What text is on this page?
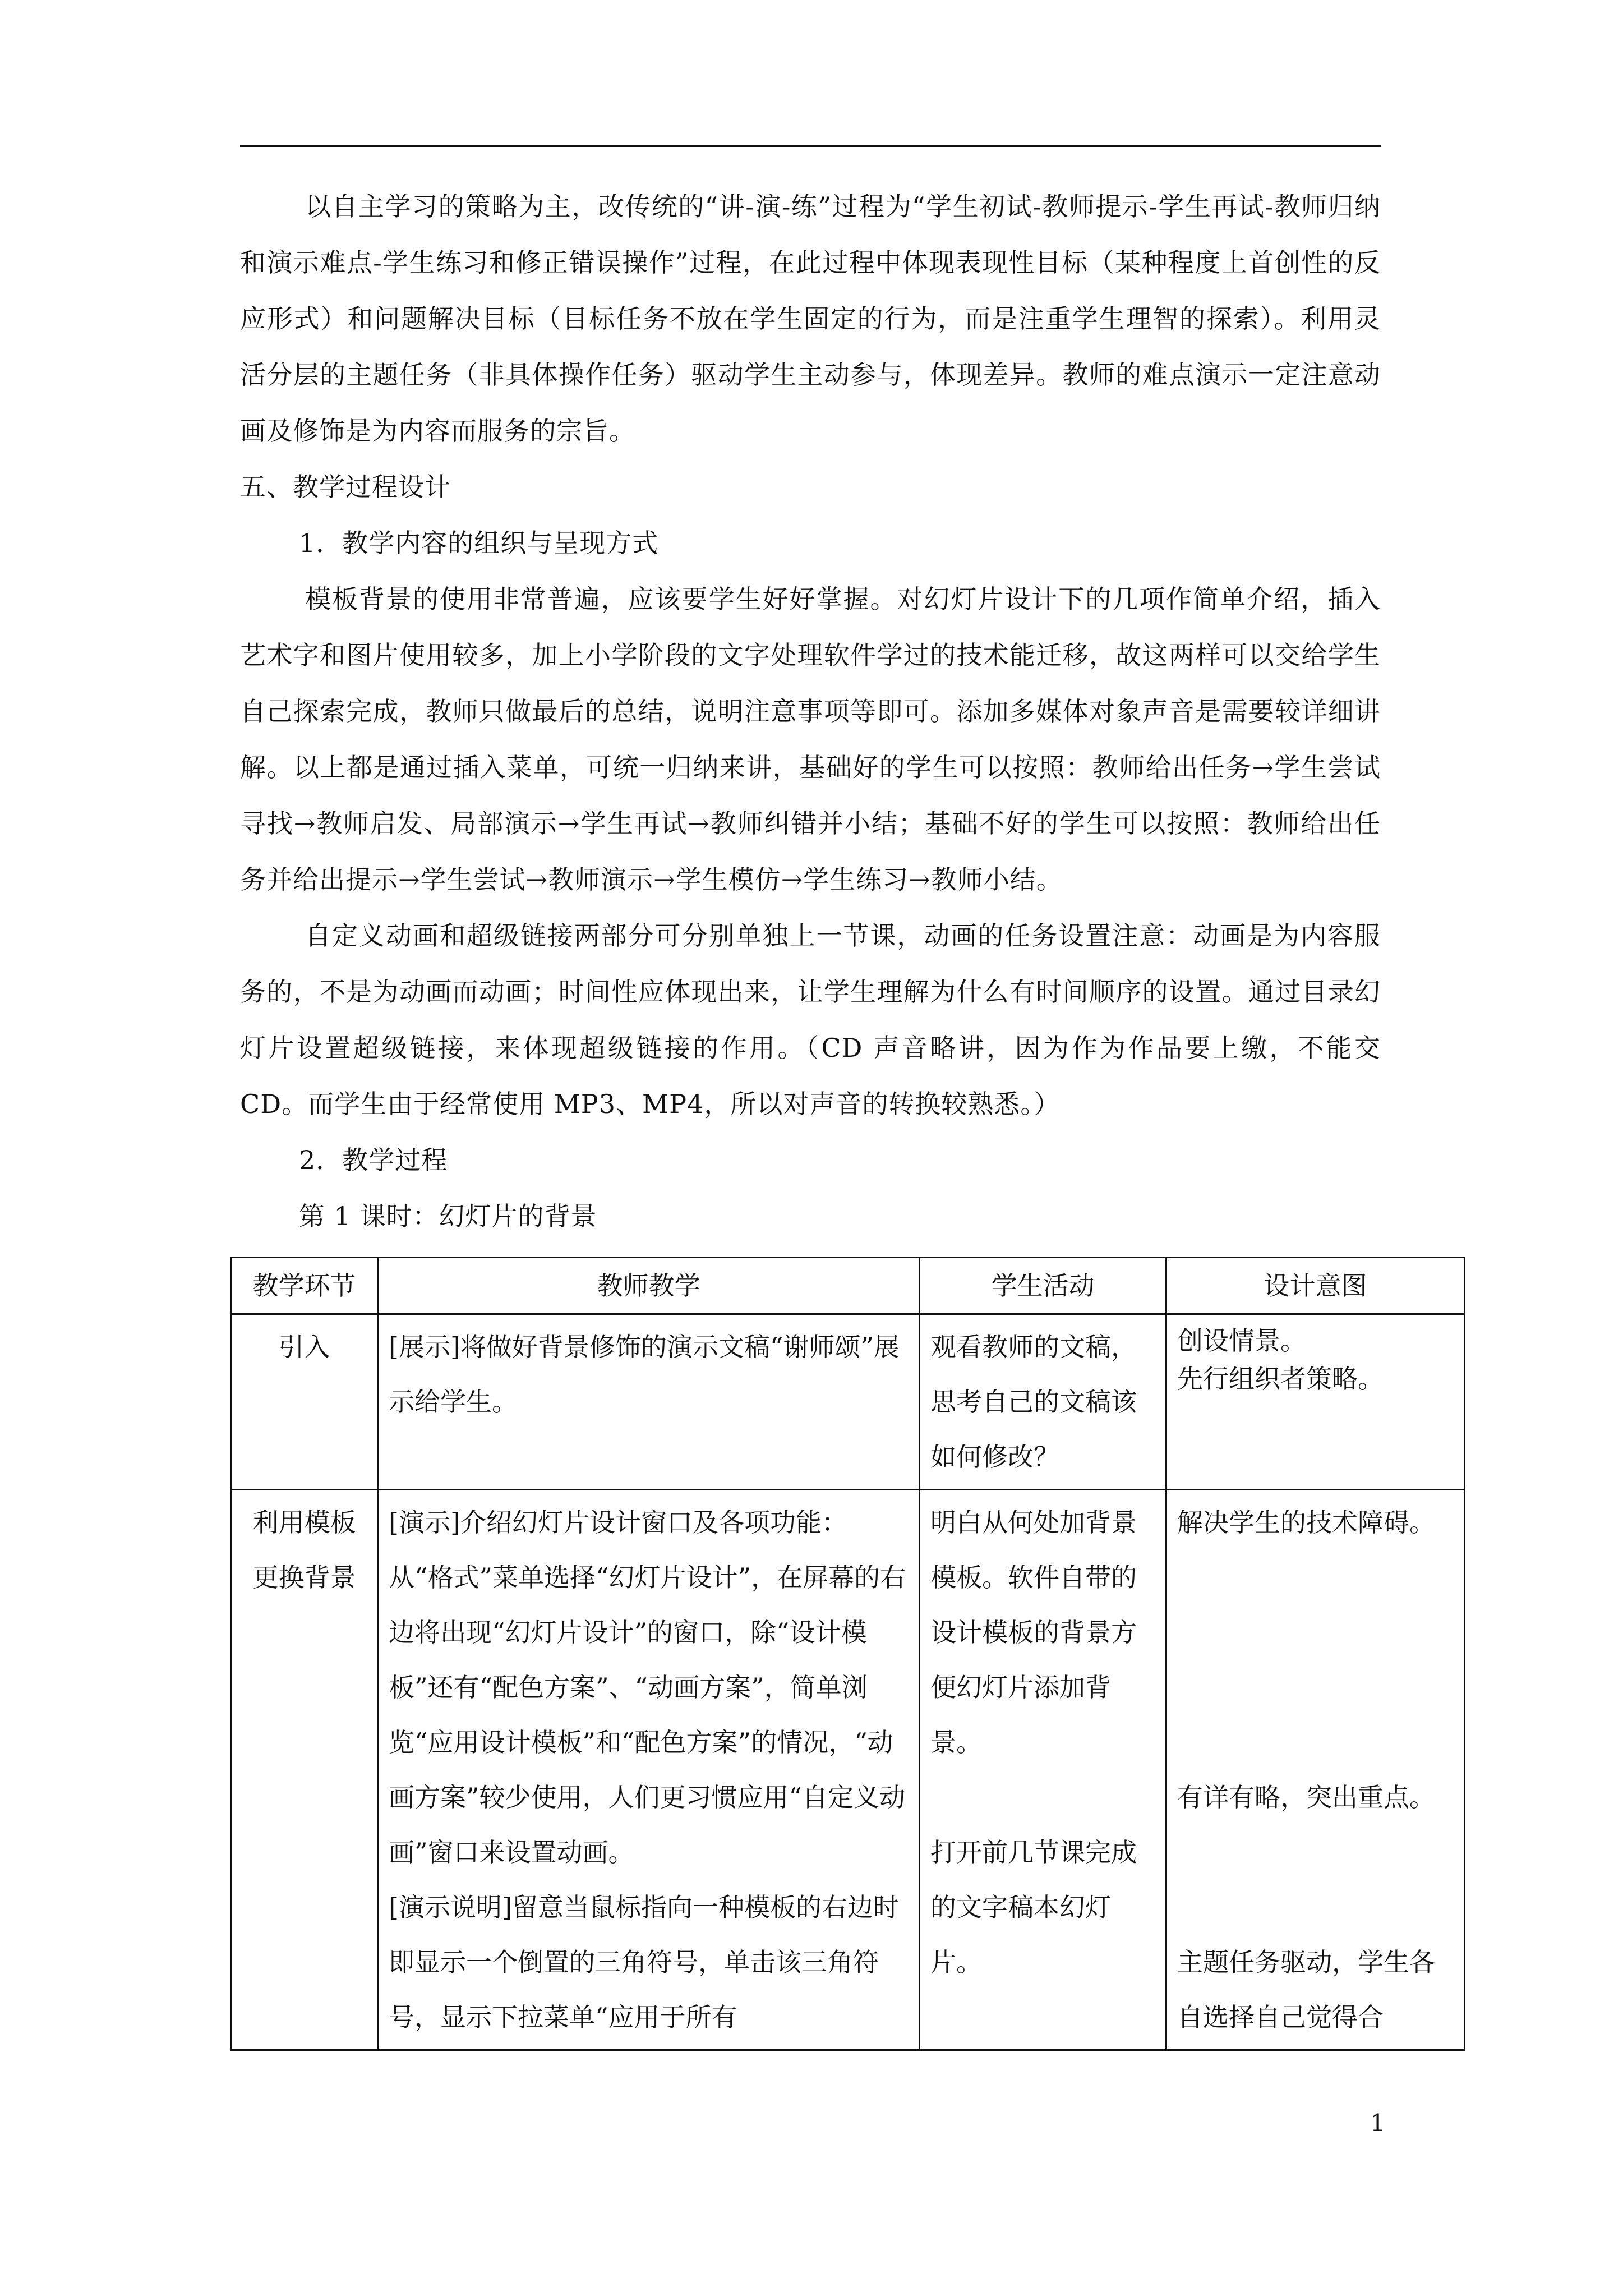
以自主学习的策略为主，改传统的“讲-演-练”过程为“学生初试-教师提示-学生再试-教师归纳和演示难点-学生练习和修正错误操作”过程，在此过程中体现表现性目标（某种程度上首创性的反应形式）和问题解决目标（目标任务不放在学生固定的行为，而是注重学生理智的探索）。利用灵活分层的主题任务（非具体操作任务）驱动学生主动参与，体现差异。教师的难点演示一定注意动画及修饰是为内容而服务的宗旨。

五、教学过程设计

1．教学内容的组织与呈现方式

模板背景的使用非常普遍，应该要学生好好掌握。对幻灯片设计下的几项作简单介绍，插入艺术字和图片使用较多，加上小学阶段的文字处理软件学过的技术能迁移，故这两样可以交给学生自己探索完成，教师只做最后的总结，说明注意事项等即可。添加多媒体对象声音是需要较详细讲解。以上都是通过插入菜单，可统一归纳来讲，基础好的学生可以按照：教师给出任务→学生尝试寻找→教师启发、局部演示→学生再试→教师纠错并小结；基础不好的学生可以按照：教师给出任务并给出提示→学生尝试→教师演示→学生模仿→学生练习→教师小结。

自定义动画和超级链接两部分可分别单独上一节课，动画的任务设置注意：动画是为内容服务的，不是为动画而动画；时间性应体现出来，让学生理解为什么有时间顺序的设置。通过目录幻灯片设置超级链接，来体现超级链接的作用。（CD 声音略讲，因为作为作品要上缴，不能交 CD。而学生由于经常使用 MP3、MP4，所以对声音的转换较熟悉。）

2．教学过程

第 1 课时：幻灯片的背景

教学环节	教师教学	学生活动	设计意图
引入	[展示]将做好背景修饰的演示文稿“谢师颂”展示给学生。	观看教师的文稿，思考自己的文稿该如何修改？	创设情景。
先行组织者策略。

利用模板更换背景	[演示]介绍幻灯片设计窗口及各项功能：从“格式”菜单选择“幻灯片设计”，在屏幕的右边将出现“幻灯片设计”的窗口，除“设计模板”还有“配色方案”、“动画方案”，简单浏览“应用设计模板”和“配色方案”的情况，“动画方案”较少使用，人们更习惯应用“自定义动画”窗口来设置动画。
[演示说明]留意当鼠标指向一种模板的右边时即显示一个倒置的三角符号，单击该三角符号，显示下拉菜单“应用于所有	明白从何处加背景模板。软件自带的设计模板的背景方便幻灯片添加背景。
打开前几节课完成的文字稿本幻灯片。	解决学生的技术障碍。
有详有略，突出重点。
主题任务驱动，学生各自选择自己觉得合
1
